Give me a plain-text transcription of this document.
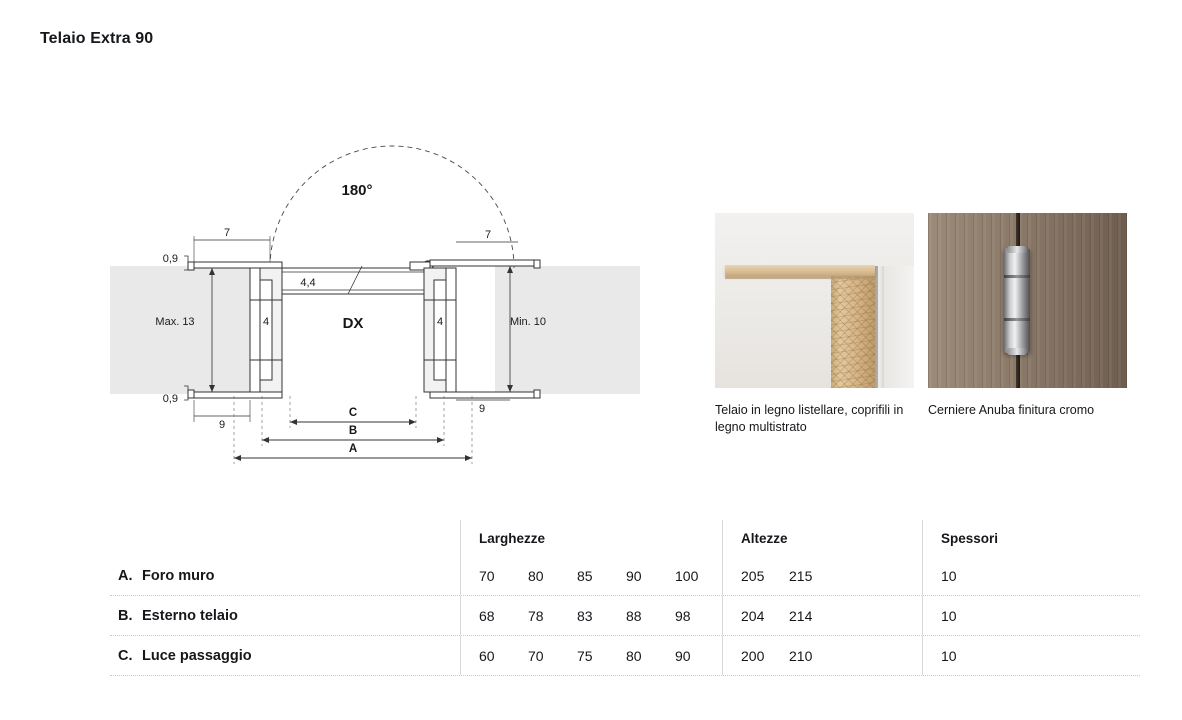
Telaio Extra 90
7
0,9
0,9
Max. 13	Min. 10
4,4
4	4
7
9
9
C
B
A
180°
DX
Telaio in legno listellare, coprifili in legno multistrato
Cerniere Anuba finitura cromo
Larghezze	Altezze	Spessori
A. Foro muro	70	80	85	90	100	205	215	10
B. Esterno telaio	68	78	83	88	98	204	214	10
C. Luce passaggio	60	70	75	80	90	200	210	10
